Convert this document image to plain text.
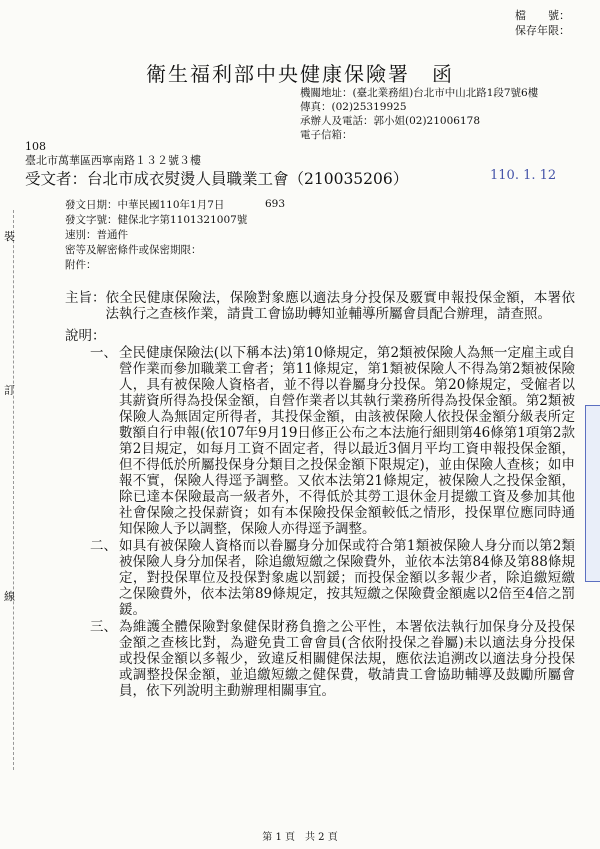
檔　　號：
保存年限：
衛生福利部中央健康保險署　函
機關地址：(臺北業務組)台北市中山北路1段7號6樓
傳真：(02)25319925
承辦人及電話：郭小姐(02)21006178
電子信箱：
108
臺北市萬華區西寧南路１３２號３樓
受文者：台北市成衣熨燙人員職業工會（210035206）	110. 1. 12
693
發文日期：中華民國110年1月7日
發文字號：健保北字第1101321007號
速別：普通件
密等及解密條件或保密期限：
附件：
裝
訂
線
主旨： 依全民健康保險法，保險對象應以適法身分投保及覈實申報投保金額，本署依法執行之查核作業，請貴工會協助轉知並輔導所屬會員配合辦理，請查照。
說明：
一、 全民健康保險法(以下稱本法)第10條規定，第2類被保險人為無一定雇主或自營作業而參加職業工會者；第11條規定，第1類被保險人不得為第2類被保險人，具有被保險人資格者，並不得以眷屬身分投保。第20條規定，受僱者以其薪資所得為投保金額，自營作業者以其執行業務所得為投保金額。第2類被保險人為無固定所得者，其投保金額，由該被保險人依投保金額分級表所定數額自行申報(依107年9月19日修正公布之本法施行細則第46條第1項第2款第2目規定，如每月工資不固定者，得以最近3個月平均工資申報投保金額，但不得低於所屬投保身分類目之投保金額下限規定)，並由保險人查核；如申報不實，保險人得逕予調整。又依本法第21條規定，被保險人之投保金額，除已達本保險最高一級者外，不得低於其勞工退休金月提繳工資及參加其他社會保險之投保薪資；如有本保險投保金額較低之情形，投保單位應同時通知保險人予以調整，保險人亦得逕予調整。
二、 如具有被保險人資格而以眷屬身分加保或符合第1類被保險人身分而以第2類被保險人身分加保者，除追繳短繳之保險費外，並依本法第84條及第88條規定，對投保單位及投保對象處以罰鍰；而投保金額以多報少者，除追繳短繳之保險費外，依本法第89條規定，按其短繳之保險費金額處以2倍至4倍之罰鍰。
三、 為維護全體保險對象健保財務負擔之公平性，本署依法執行加保身分及投保金額之查核比對，為避免貴工會會員(含依附投保之眷屬)未以適法身分投保或投保金額以多報少，致違反相關健保法規，應依法追溯改以適法身分投保或調整投保金額，並追繳短繳之健保費，敬請貴工會協助輔導及鼓勵所屬會員，依下列說明主動辦理相關事宜。
第 1 頁　共 2 頁
